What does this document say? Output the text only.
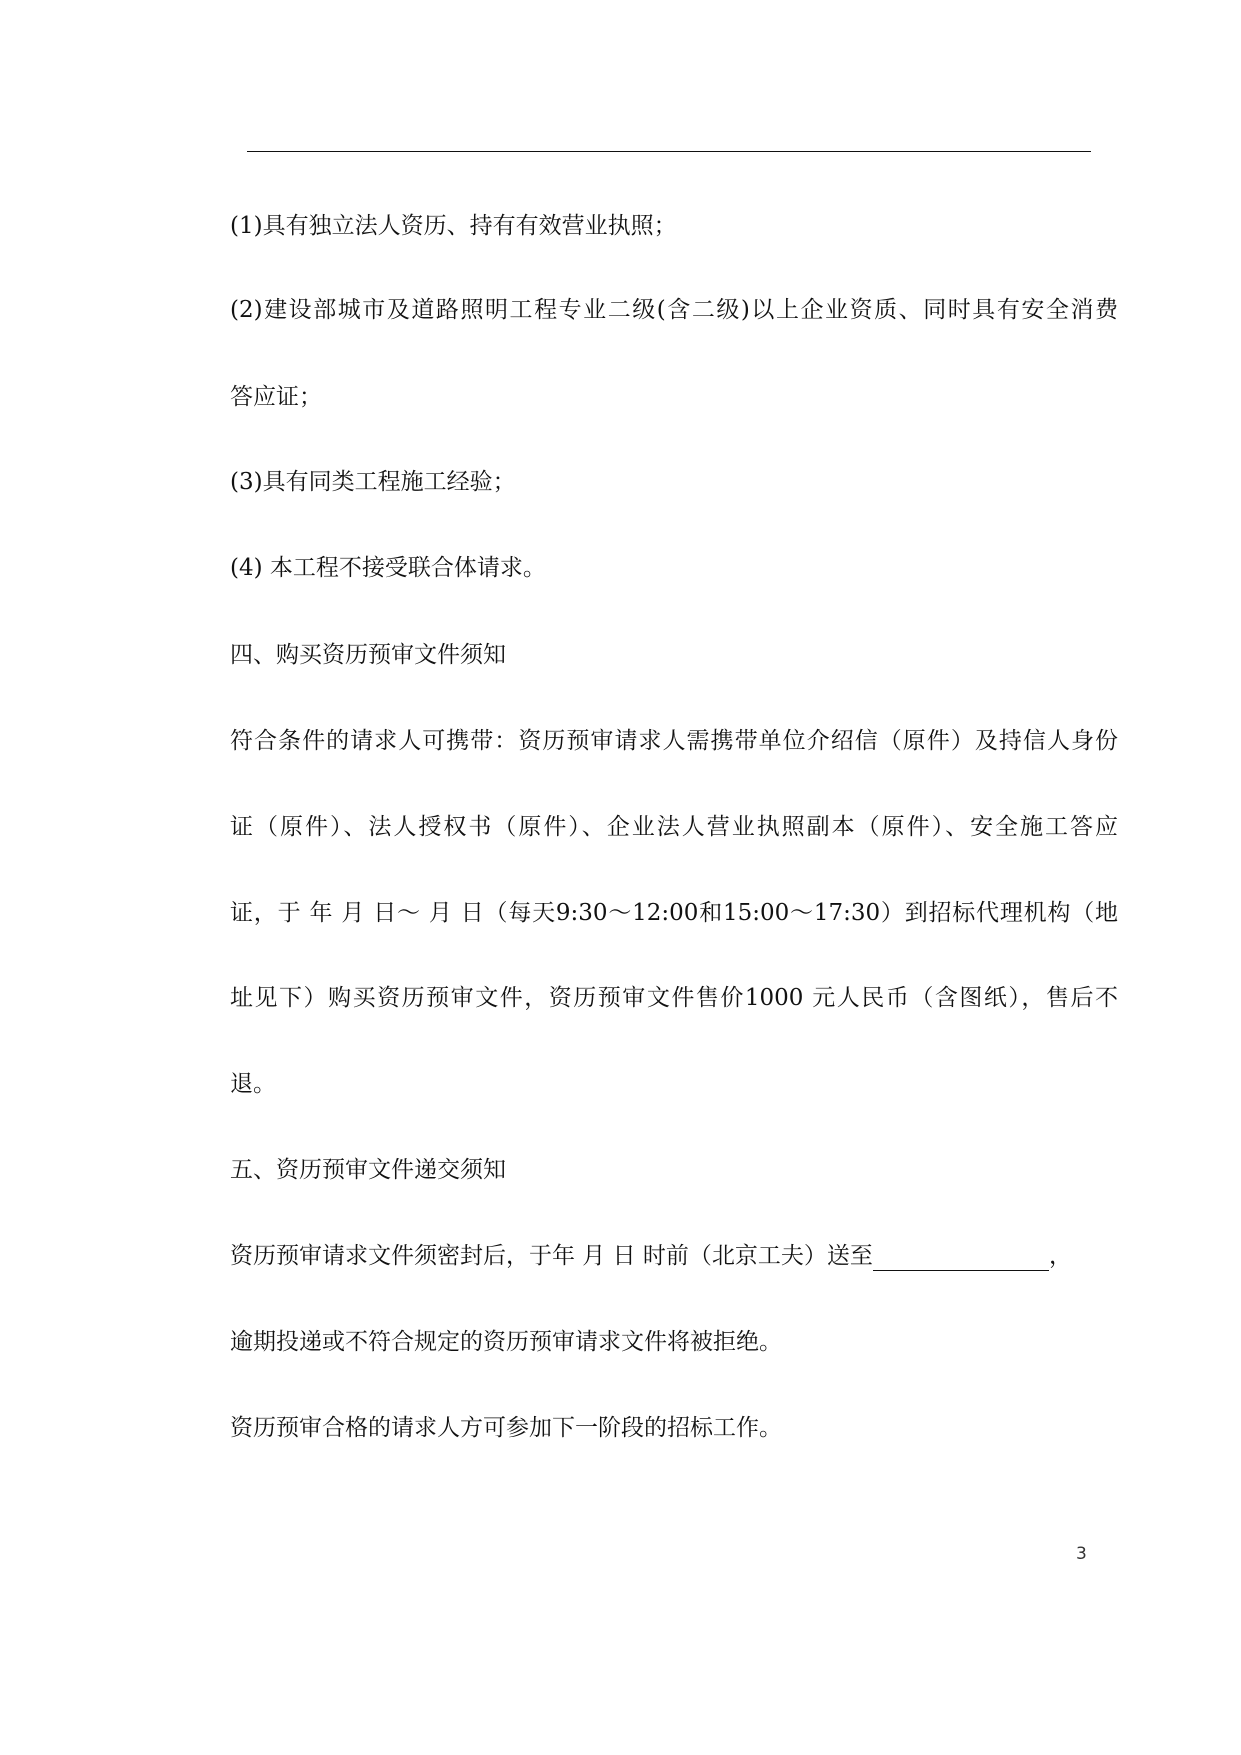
(1)具有独立法人资历、持有有效营业执照；
(2)建设部城市及道路照明工程专业二级(含二级)以上企业资质、同时具有安全消费
答应证；
(3)具有同类工程施工经验；
(4) 本工程不接受联合体请求。
四、购买资历预审文件须知
符合条件的请求人可携带：资历预审请求人需携带单位介绍信（原件）及持信人身份
证（原件）、法人授权书（原件）、企业法人营业执照副本（原件）、安全施工答应
证，于 年 月 日～ 月 日（每天9:30～12:00和15:00～17:30）到招标代理机构（地
址见下）购买资历预审文件，资历预审文件售价1000 元人民币（含图纸），售后不
退。
五、资历预审文件递交须知
资历预审请求文件须密封后，于年 月 日 时前（北京工夫）送至	，
逾期投递或不符合规定的资历预审请求文件将被拒绝。
资历预审合格的请求人方可参加下一阶段的招标工作。
3
